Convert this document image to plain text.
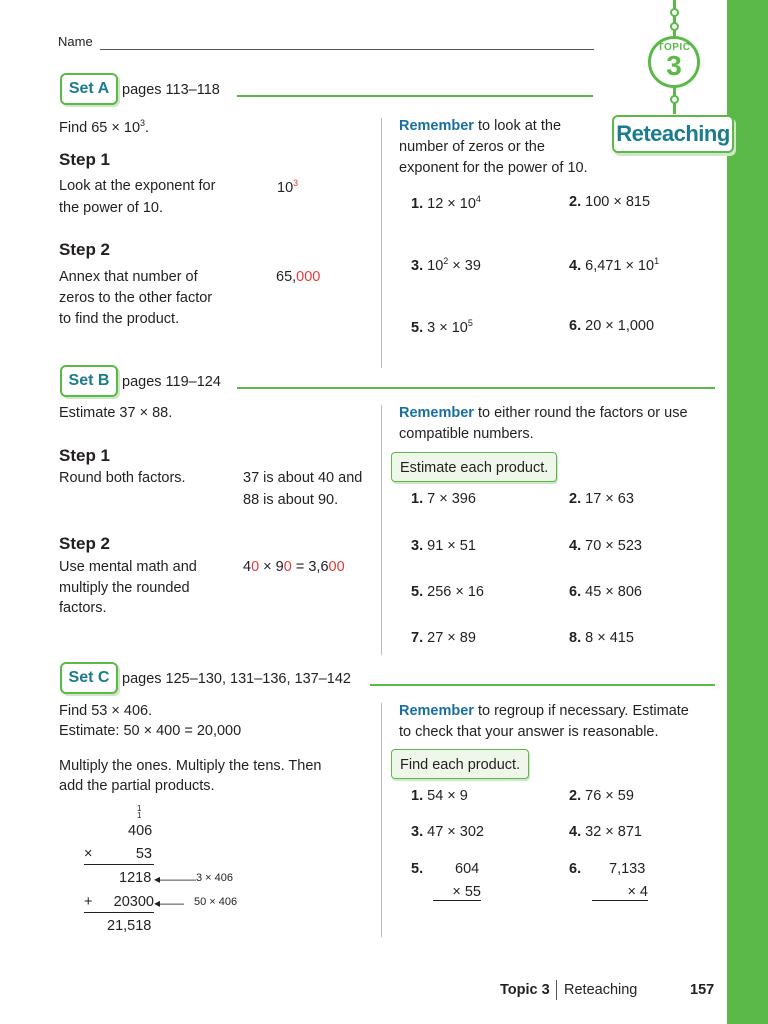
Name	TOPIC
3
Reteaching
Set A pages 113–118
Find $65 \times 10^3$.
Step 1
Look at the exponent for
the power of 10.
$10^3$
Step 2
Annex that number of
zeros to the other factor
to find the product.
65,000
Remember to look at the
number of zeros or the
exponent for the power of 10.
1. $12 \times 10^4$	2. 100 × 815
3. $10^2 \times 39$	4. $6,471 \times 10^1$
5. $3 \times 10^5$	6. 20 × 1,000
Set B pages 119–124
Estimate 37 × 88.
Step 1
Round both factors.	37 is about 40 and
88 is about 90.
Step 2
Use mental math and
multiply the rounded
factors.
40 × 90 = 3,600
Remember to either round the factors or use
compatible numbers.
Estimate each product.
1. 7 × 396	2. 17 × 63
3. 91 × 51	4. 70 × 523
5. 256 × 16	6. 45 × 806
7. 27 × 89	8. 8 × 415
Set C pages 125–130, 131–136, 137–142
Find 53 × 406.
Estimate: 50 × 400 = 20,000
Multiply the ones. Multiply the tens. Then
add the partial products.
1
1
406
×	53
1218 ◂——— 3 × 406
+ 20300 ◂—— 50 × 406
21,518
Remember to regroup if necessary. Estimate
to check that your answer is reasonable.
Find each product.
1. 54 × 9	2. 76 × 59
3. 47 × 302	4. 32 × 871
5. 604
× 55
6. 7,133
× 4
Topic 3 Reteaching	157
